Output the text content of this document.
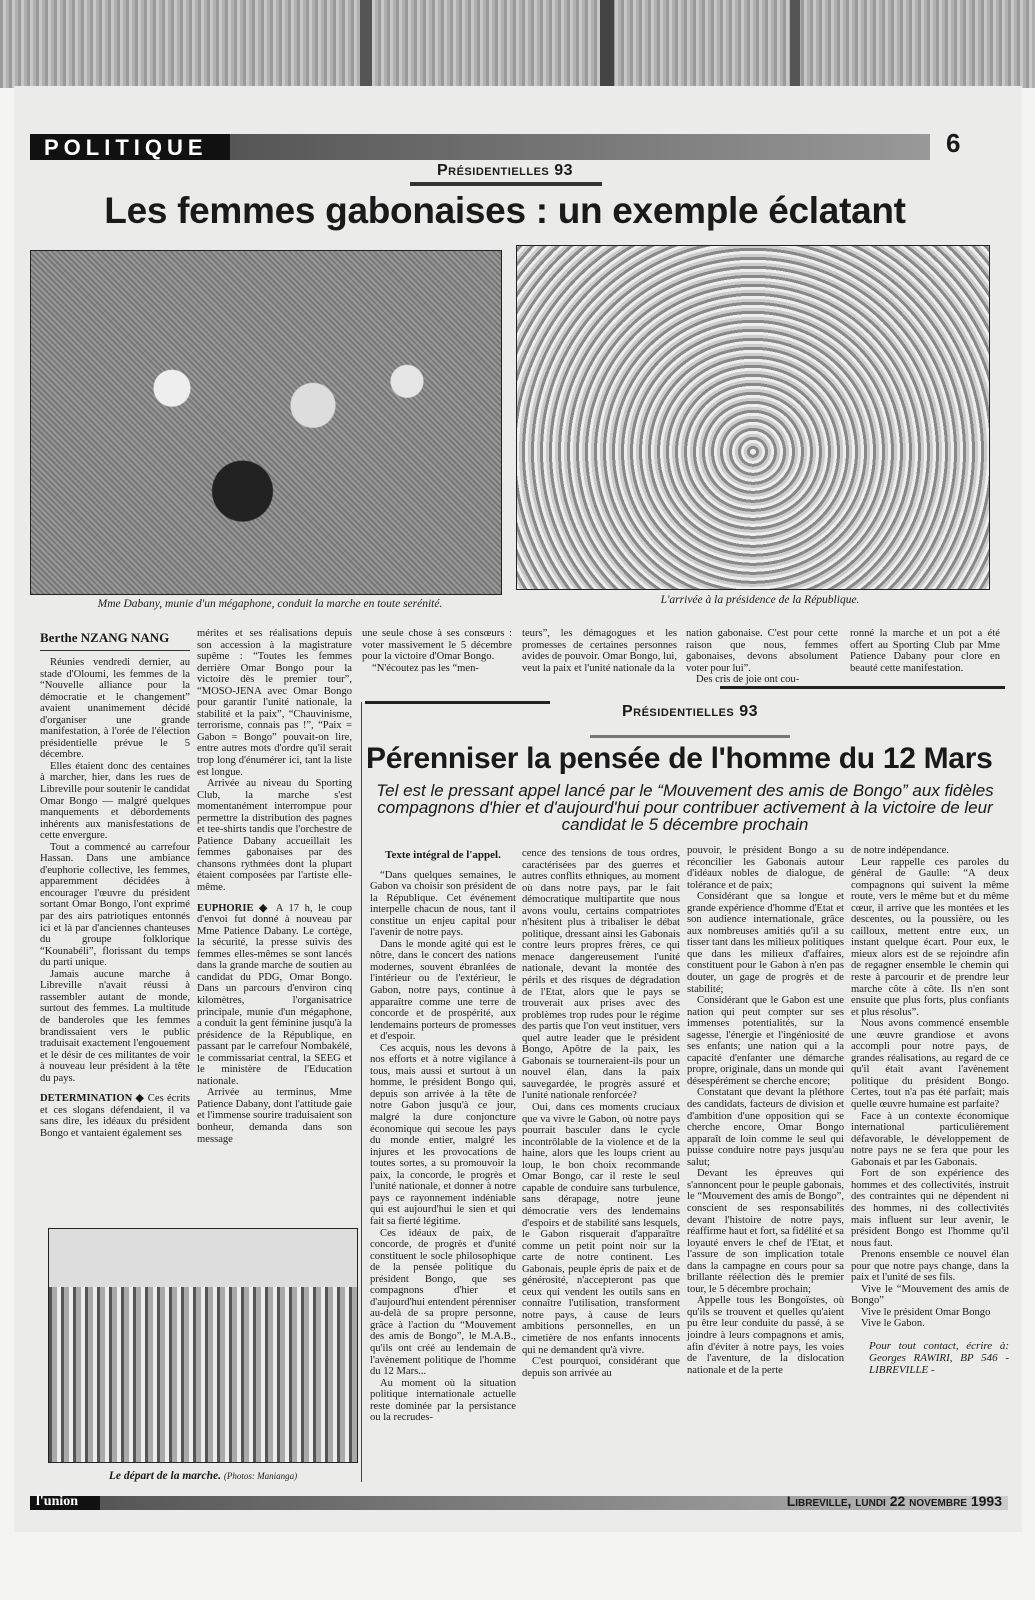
POLITIQUE	6
Présidentielles 93
Les femmes gabonaises : un exemple éclatant
Mme Dabany, munie d'un mégaphone, conduit la marche en toute serénité.	L'arrivée à la présidence de la République.
Berthe NZANG NANG

Réunies vendredi dernier, au stade d'Oloumi, les femmes de la “Nouvelle alliance pour la démocratie et le changement” avaient unanimement décidé d'organiser une grande manifestation, à l'orée de l'élection présidentielle prévue le 5 décembre.

Elles étaient donc des centaines à marcher, hier, dans les rues de Libreville pour soutenir le candidat Omar Bongo — malgré quelques manquements et débordements inhérents aux manisfestations de cette envergure.

Tout a commencé au carrefour Hassan. Dans une ambiance d'euphorie collective, les femmes, apparemment décidées à encourager l'œuvre du président sortant Omar Bongo, l'ont exprimé par des airs patriotiques entonnés ici et là par d'anciennes chanteuses du groupe folklorique “Kounabéli”, florissant du temps du parti unique.

Jamais aucune marche à Libreville n'avait réussi à rassembler autant de monde, surtout des femmes. La multitude de banderoles que les femmes brandissaient vers le public traduisait exactement l'engouement et le désir de ces militantes de voir à nouveau leur président à la tête du pays.

DETERMINATION ◆ Ces écrits et ces slogans défendaient, il va sans dire, les idéaux du président Bongo et vantaient également ses

mérites et ses réalisations depuis son accession à la magistrature supême : “Toutes les femmes derrière Omar Bongo pour la victoire dès le premier tour”, “MOSO-JENA avec Omar Bongo pour garantir l'unité nationale, la stabilité et la paix”, “Chauvinisme, terrorisme, connais pas !”, “Paix = Gabon = Bongo” pouvait-on lire, entre autres mots d'ordre qu'il serait trop long d'énumérer ici, tant la liste est longue.

Arrivée au niveau du Sporting Club, la marche s'est momentanément interrompue pour permettre la distribution des pagnes et tee-shirts tandis que l'orchestre de Patience Dabany accueillait les femmes gabonaises par des chansons rythmées dont la plupart étaient composées par l'artiste elle-même.

EUPHORIE ◆ A 17 h, le coup d'envoi fut donné à nouveau par Mme Patience Dabany. Le cortège, la sécurité, la presse suivis des femmes elles-mêmes se sont lancés dans la grande marche de soutien au candidat du PDG, Omar Bongo. Dans un parcours d'environ cinq kilomètres, l'organisatrice principale, munie d'un mégaphone, a conduit la gent féminine jusqu'à la présidence de la République, en passant par le carrefour Nombakélé, le commissariat central, la SEEG et le ministère de l'Education nationale.

Arrivée au terminus, Mme Patience Dabany, dont l'attitude gaie et l'immense sourire traduisaient son bonheur, demanda dans son message

une seule chose à ses consœurs : voter massivement le 5 décembre pour la victoire d'Omar Bongo.

“N'écoutez pas les “men-

teurs”, les démagogues et les promesses de certaines personnes avides de pouvoir. Omar Bongo, lui, veut la paix et l'unité nationale da la

nation gabonaise. C'est pour cette raison que nous, femmes gabonaises, devons absolument voter pour lui”.

Des cris de joie ont cou-

ronné la marche et un pot a été offert au Sporting Club par Mme Patience Dabany pour clore en beauté cette manifestation.

Le départ de la marche. (Photos: Manianga)
Présidentielles 93
Pérenniser la pensée de l'homme du 12 Mars
Tel est le pressant appel lancé par le “Mouvement des amis de Bongo” aux fidèles compagnons d'hier et d'aujourd'hui pour contribuer activement à la victoire de leur candidat le 5 décembre prochain
Texte intégral de l'appel.

“Dans quelques semaines, le Gabon va choisir son président de la République. Cet événement interpelle chacun de nous, tant il constitue un enjeu capital pour l'avenir de notre pays.

Dans le monde agité qui est le nôtre, dans le concert des nations modernes, souvent ébranlées de l'intérieur ou de l'extérieur, le Gabon, notre pays, continue à apparaître comme une terre de concorde et de prospérité, aux lendemains porteurs de promesses et d'espoir.

Ces acquis, nous les devons à nos efforts et à notre vigilance à tous, mais aussi et surtout à un homme, le président Bongo qui, depuis son arrivée à la tête de notre Gabon jusqu'à ce jour, malgré la dure conjoncture économique qui secoue les pays du monde entier, malgré les injures et les provocations de toutes sortes, a su promouvoir la paix, la concorde, le progrès et l'unité nationale, et donner à notre pays ce rayonnement indéniable qui est aujourd'hui le sien et qui fait sa fierté légitime.

Ces idéaux de paix, de concorde, de progrès et d'unité constituent le socle philosophique de la pensée politique du président Bongo, que ses compagnons d'hier et d'aujourd'hui entendent pérenniser au-delà de sa propre personne, grâce à l'action du “Mouvement des amis de Bongo”, le M.A.B., qu'ils ont créé au lendemain de l'avènement politique de l'homme du 12 Mars...

Au moment où la situation politique internationale actuelle reste dominée par la persistance ou la recrudes-

cence des tensions de tous ordres, caractérisées par des guerres et autres conflits ethniques, au moment où dans notre pays, par le fait démocratique multipartite que nous avons voulu, certains compatriotes n'hésitent plus à tribaliser le débat politique, dressant ainsi les Gabonais contre leurs propres frères, ce qui menace dangereusement l'unité nationale, devant la montée des périls et des risques de dégradation de l'Etat, alors que le pays se trouverait aux prises avec des problèmes trop rudes pour le régime des partis que l'on veut instituer, vers quel autre leader que le président Bongo, Apôtre de la paix, les Gabonais se tourneraient-ils pour un nouvel élan, dans la paix sauvegardée, le progrès assuré et l'unité nationale renforcée?

Oui, dans ces moments cruciaux que va vivre le Gabon, où notre pays pourrait basculer dans le cycle incontrôlable de la violence et de la haine, alors que les loups crient au loup, le bon choix recommande Omar Bongo, car il reste le seul capable de conduire sans turbulence, sans dérapage, notre jeune démocratie vers des lendemains d'espoirs et de stabilité sans lesquels, le Gabon risquerait d'apparaître comme un petit point noir sur la carte de notre continent. Les Gabonais, peuple épris de paix et de générosité, n'accepteront pas que ceux qui vendent les outils sans en connaître l'utilisation, transforment notre pays, à cause de leurs ambitions personnelles, en un cimetière de nos enfants innocents qui ne demandent qu'à vivre.

C'est pourquoi, considérant que depuis son arrivée au

pouvoir, le président Bongo a su réconcilier les Gabonais autour d'idéaux nobles de dialogue, de tolérance et de paix;

Considérant que sa longue et grande expérience d'homme d'Etat et son audience internationale, grâce aux nombreuses amitiés qu'il a su tisser tant dans les milieux politiques que dans les milieux d'affaires, constituent pour le Gabon à n'en pas douter, un gage de progrès et de stabilité;

Considérant que le Gabon est une nation qui peut compter sur ses immenses potentialités, sur la sagesse, l'énergie et l'ingéniosité de ses enfants; une nation qui a la capacité d'enfanter une démarche propre, originale, dans un monde qui désespérément se cherche encore;

Constatant que devant la pléthore des candidats, facteurs de division et d'ambition d'une opposition qui se cherche encore, Omar Bongo apparaît de loin comme le seul qui puisse conduire notre pays jusqu'au salut;

Devant les épreuves qui s'annoncent pour le peuple gabonais, le “Mouvement des amis de Bongo”, conscient de ses responsabilités devant l'histoire de notre pays, réaffirme haut et fort, sa fidélité et sa loyauté envers le chef de l'Etat, et l'assure de son implication totale dans la campagne en cours pour sa brillante réélection dès le premier tour, le 5 décembre prochain;

Appelle tous les Bongoïstes, où qu'ils se trouvent et quelles qu'aient pu être leur conduite du passé, à se joindre à leurs compagnons et amis, afin d'éviter à notre pays, les voies de l'aventure, de la dislocation nationale et de la perte

de notre indépendance.

Leur rappelle ces paroles du général de Gaulle: “A deux compagnons qui suivent la même route, vers le même but et du même cœur, il arrive que les montées et les descentes, ou la poussière, ou les cailloux, mettent entre eux, un instant quelque écart. Pour eux, le mieux alors est de se rejoindre afin de regagner ensemble le chemin qui reste à parcourir et de prendre leur marche côte à côte. Ils n'en sont ensuite que plus forts, plus confiants et plus résolus”.

Nous avons commencé ensemble une œuvre grandiose et avons accompli pour notre pays, de grandes réalisations, au regard de ce qu'il était avant l'avènement politique du président Bongo. Certes, tout n'a pas été parfait; mais quelle œuvre humaine est parfaite?

Face à un contexte économique international particulièrement défavorable, le développement de notre pays ne se fera que pour les Gabonais et par les Gabonais.

Fort de son expérience des hommes et des collectivités, instruit des contraintes qui ne dépendent ni des hommes, ni des collectivités mais influent sur leur avenir, le président Bongo est l'homme qu'il nous faut.

Prenons ensemble ce nouvel élan pour que notre pays change, dans la paix et l'unité de ses fils.

Vive le “Mouvement des amis de Bongo”

Vive le président Omar Bongo

Vive le Gabon.

Pour tout contact, écrire à: Georges RAWIRI, BP 546 - LIBREVILLE -

l'union	Libreville, lundi 22 novembre 1993
